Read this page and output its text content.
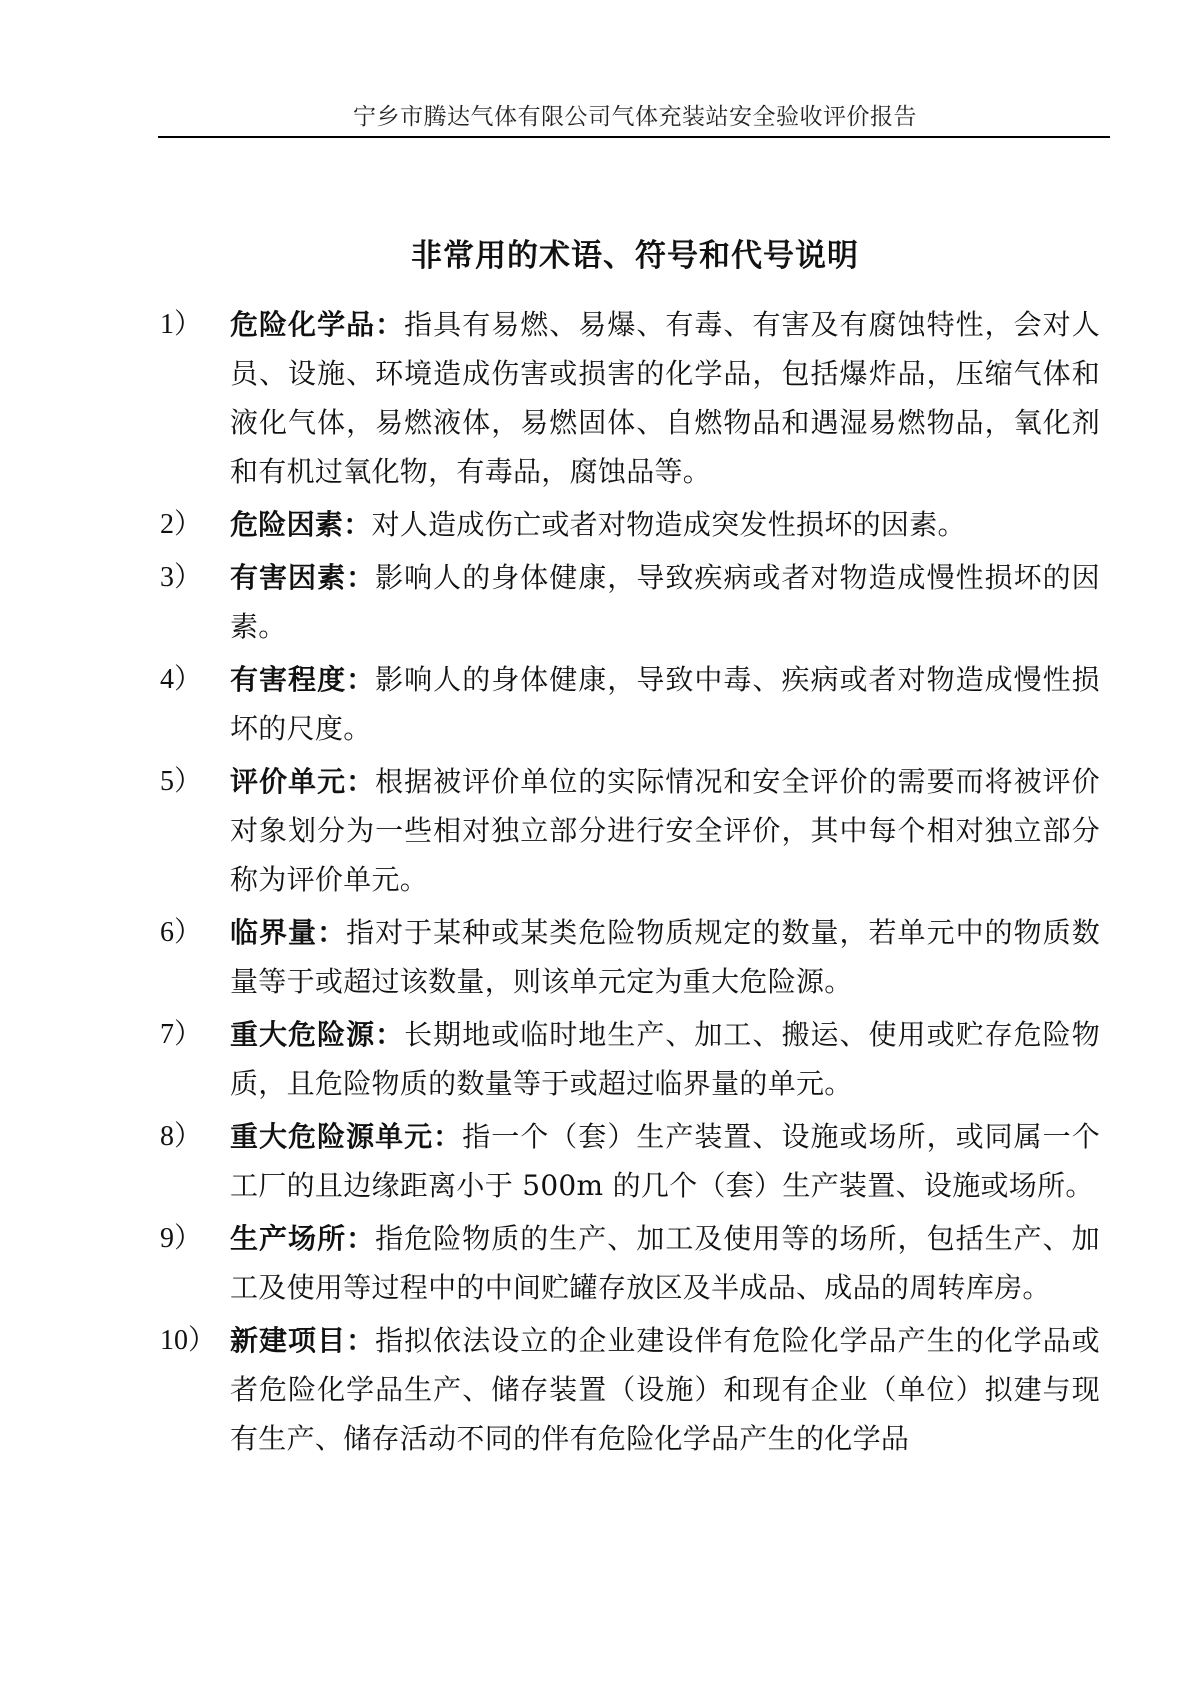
宁乡市腾达气体有限公司气体充装站安全验收评价报告
非常用的术语、符号和代号说明
1） 危险化学品：指具有易燃、易爆、有毒、有害及有腐蚀特性，会对人员、设施、环境造成伤害或损害的化学品，包括爆炸品，压缩气体和液化气体，易燃液体，易燃固体、自燃物品和遇湿易燃物品，氧化剂和有机过氧化物，有毒品，腐蚀品等。
2） 危险因素：对人造成伤亡或者对物造成突发性损坏的因素。
3） 有害因素：影响人的身体健康，导致疾病或者对物造成慢性损坏的因素。
4） 有害程度：影响人的身体健康，导致中毒、疾病或者对物造成慢性损坏的尺度。
5） 评价单元：根据被评价单位的实际情况和安全评价的需要而将被评价对象划分为一些相对独立部分进行安全评价，其中每个相对独立部分称为评价单元。
6） 临界量：指对于某种或某类危险物质规定的数量，若单元中的物质数量等于或超过该数量，则该单元定为重大危险源。
7） 重大危险源：长期地或临时地生产、加工、搬运、使用或贮存危险物质，且危险物质的数量等于或超过临界量的单元。
8） 重大危险源单元：指一个（套）生产装置、设施或场所，或同属一个工厂的且边缘距离小于 500m 的几个（套）生产装置、设施或场所。
9） 生产场所：指危险物质的生产、加工及使用等的场所，包括生产、加工及使用等过程中的中间贮罐存放区及半成品、成品的周转库房。
10） 新建项目：指拟依法设立的企业建设伴有危险化学品产生的化学品或者危险化学品生产、储存装置（设施）和现有企业（单位）拟建与现有生产、储存活动不同的伴有危险化学品产生的化学品
